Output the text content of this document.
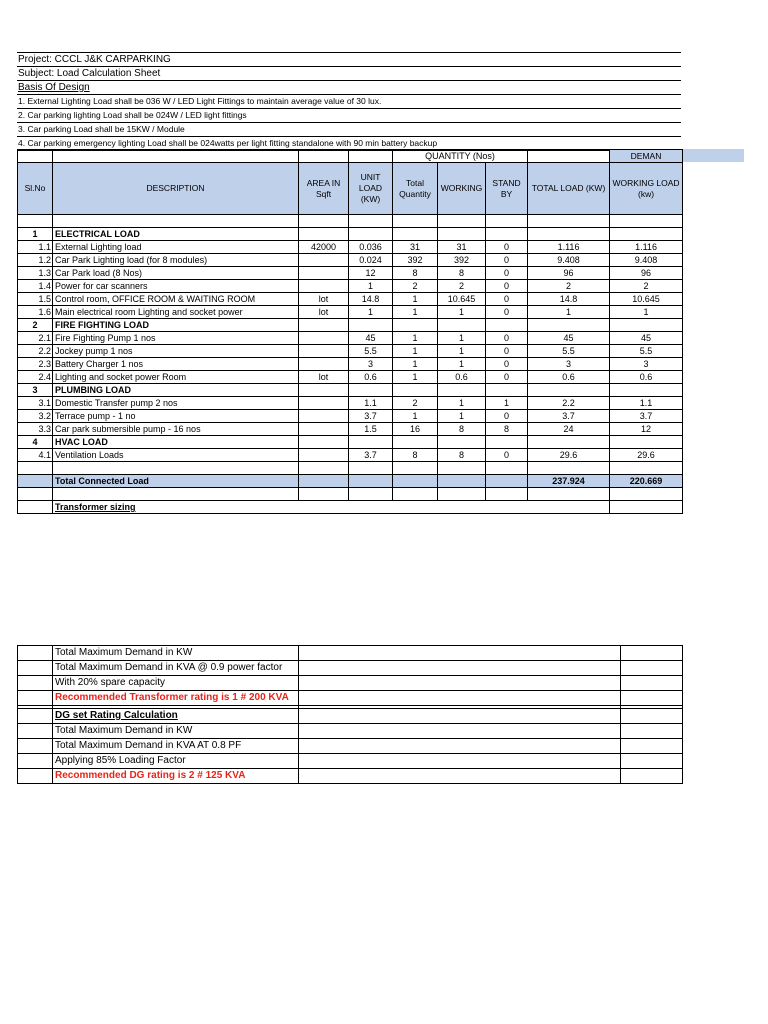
Project: CCCL J&K CARPARKING
Subject: Load Calculation Sheet
Basis Of Design
1. External Lighting Load shall be 036 W / LED Light Fittings to maintain average value of 30 lux.
2. Car parking lighting Load shall be 024W / LED light fittings
3. Car parking Load shall be 15KW / Module
4. Car parking emergency lighting Load shall be 024watts per light fitting standalone with 90 min battery backup
				QUANTITY (Nos)				DEMAN
Sl.No	DESCRIPTION	AREA IN Sqft	UNIT LOAD (KW)	Total Quantity	WORKING	STAND BY	TOTAL LOAD (KW)	WORKING LOAD (kw)

1	ELECTRICAL LOAD							
1.1	External Lighting load	42000	0.036	31	31	0	1.116	1.116
1.2	Car Park Lighting load (for 8 modules)		0.024	392	392	0	9.408	9.408
1.3	Car Park load (8 Nos)		12	8	8	0	96	96
1.4	Power for car scanners		1	2	2	0	2	2
1.5	Control room, OFFICE ROOM & WAITING ROOM	lot	14.8	1	10.645	0	14.8	10.645
1.6	Main electrical room Lighting and socket power	lot	1	1	1	0	1	1
2	FIRE FIGHTING LOAD							
2.1	Fire Fighting Pump 1 nos		45	1	1	0	45	45
2.2	Jockey pump 1 nos		5.5	1	1	0	5.5	5.5
2.3	Battery Charger 1 nos		3	1	1	0	3	3
2.4	Lighting and socket power Room	lot	0.6	1	0.6	0	0.6	0.6
3	PLUMBING LOAD							
3.1	Domestic Transfer pump 2 nos		1.1	2	1	1	2.2	1.1
3.2	Terrace pump - 1 no		3.7	1	1	0	3.7	3.7
3.3	Car park submersible pump - 16 nos		1.5	16	8	8	24	12
4	HVAC LOAD							
4.1	Ventilation Loads		3.7	8	8	0	29.6	29.6

	Total Connected Load						237.924	220.669

	Transformer sizing							
	Total Maximum Demand in KW		
	Total Maximum Demand in KVA @ 0.9 power factor		
	With 20% spare capacity		
	Recommended Transformer rating is 1 # 200 KVA		

	DG set Rating Calculation		
	Total Maximum Demand in KW		
	Total Maximum Demand in KVA AT 0.8 PF		
	Applying 85% Loading Factor		
	Recommended DG rating is 2 # 125 KVA		
